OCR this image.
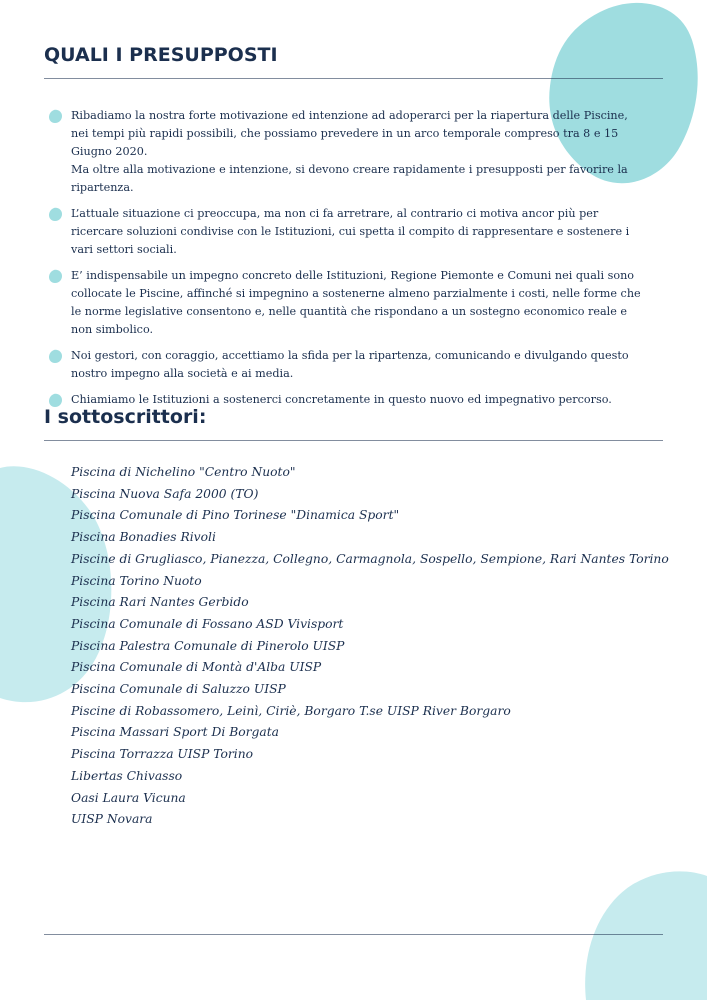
QUALI I PRESUPPOSTI

Ribadiamo la nostra forte motivazione ed intenzione ad adoperarci per la riapertura delle Piscine, nei tempi più rapidi possibili, che possiamo prevedere in un arco temporale compreso tra 8 e 15 Giugno 2020.

Ma oltre alla motivazione e intenzione, si devono creare rapidamente i presupposti per favorire la ripartenza.

L’attuale situazione ci preoccupa, ma non ci fa arretrare, al contrario ci motiva ancor più per ricercare soluzioni condivise con le Istituzioni, cui spetta il compito di rappresentare e sostenere i vari settori sociali.

E’ indispensabile un impegno concreto delle Istituzioni, Regione Piemonte e Comuni nei quali sono collocate le Piscine, affinché si impegnino a sostenerne almeno parzialmente i costi, nelle forme che le norme legislative consentono e, nelle quantità che rispondano a un sostegno economico reale e non simbolico.

Noi gestori, con coraggio, accettiamo la sfida per la ripartenza, comunicando e divulgando questo nostro impegno alla società e ai media.

Chiamiamo le Istituzioni a sostenerci concretamente in questo nuovo ed impegnativo percorso.

I sottoscrittori:
Piscina di Nichelino "Centro Nuoto"
Piscina Nuova Safa 2000 (TO)
Piscina Comunale di Pino Torinese "Dinamica Sport"
Piscina Bonadies Rivoli
Piscine di Grugliasco, Pianezza, Collegno, Carmagnola, Sospello, Sempione, Rari Nantes Torino
Piscina Torino Nuoto
Piscina Rari Nantes Gerbido
Piscina Comunale di Fossano ASD Vivisport
Piscina Palestra Comunale di Pinerolo UISP
Piscina Comunale di Montà d'Alba UISP
Piscina Comunale di Saluzzo UISP
Piscine di Robassomero, Leinì, Ciriè, Borgaro T.se UISP River Borgaro
Piscina Massari Sport Di Borgata
Piscina Torrazza UISP Torino
Libertas Chivasso
Oasi Laura Vicuna
UISP Novara
